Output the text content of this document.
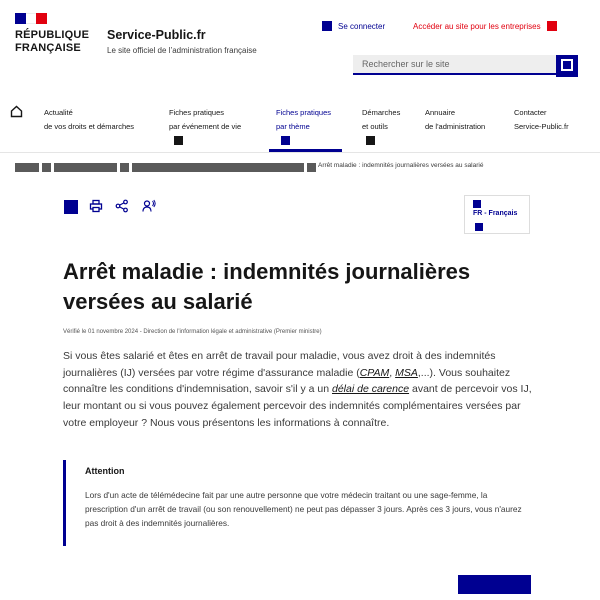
RÉPUBLIQUE
FRANÇAISE
Service-Public.fr
Le site officiel de l’administration française
Se connecter	Accéder au site pour les entreprises
Rechercher sur le site
Actualité
de vos droits et démarches
Fiches pratiques
par événement de vie
Fiches pratiques
par thème
Démarches
et outils
Annuaire
de l'administration
Contacter
Service-Public.fr
Arrêt maladie : indemnités journalières versées au salarié
FR - Français
Arrêt maladie : indemnités journalières versées au salarié
Vérifié le 01 novembre 2024 - Direction de l'information légale et administrative (Premier ministre)

Si vous êtes salarié et êtes en arrêt de travail pour maladie, vous avez droit à des indemnités journalières (IJ) versées par votre régime d'assurance maladie (CPAM, MSA,...). Vous souhaitez connaître les conditions d'indemnisation, savoir s'il y a un délai de carence avant de percevoir vos IJ, leur montant ou si vous pouvez également percevoir des indemnités complémentaires versées par votre employeur ? Nous vous présentons les informations à connaître.

Attention
Lors d'un acte de télémédecine fait par une autre personne que votre médecin traitant ou une sage-femme, la prescription d'un arrêt de travail (ou son renouvellement) ne peut pas dépasser 3 jours. Après ces 3 jours, vous n'aurez pas droit à des indemnités journalières.
